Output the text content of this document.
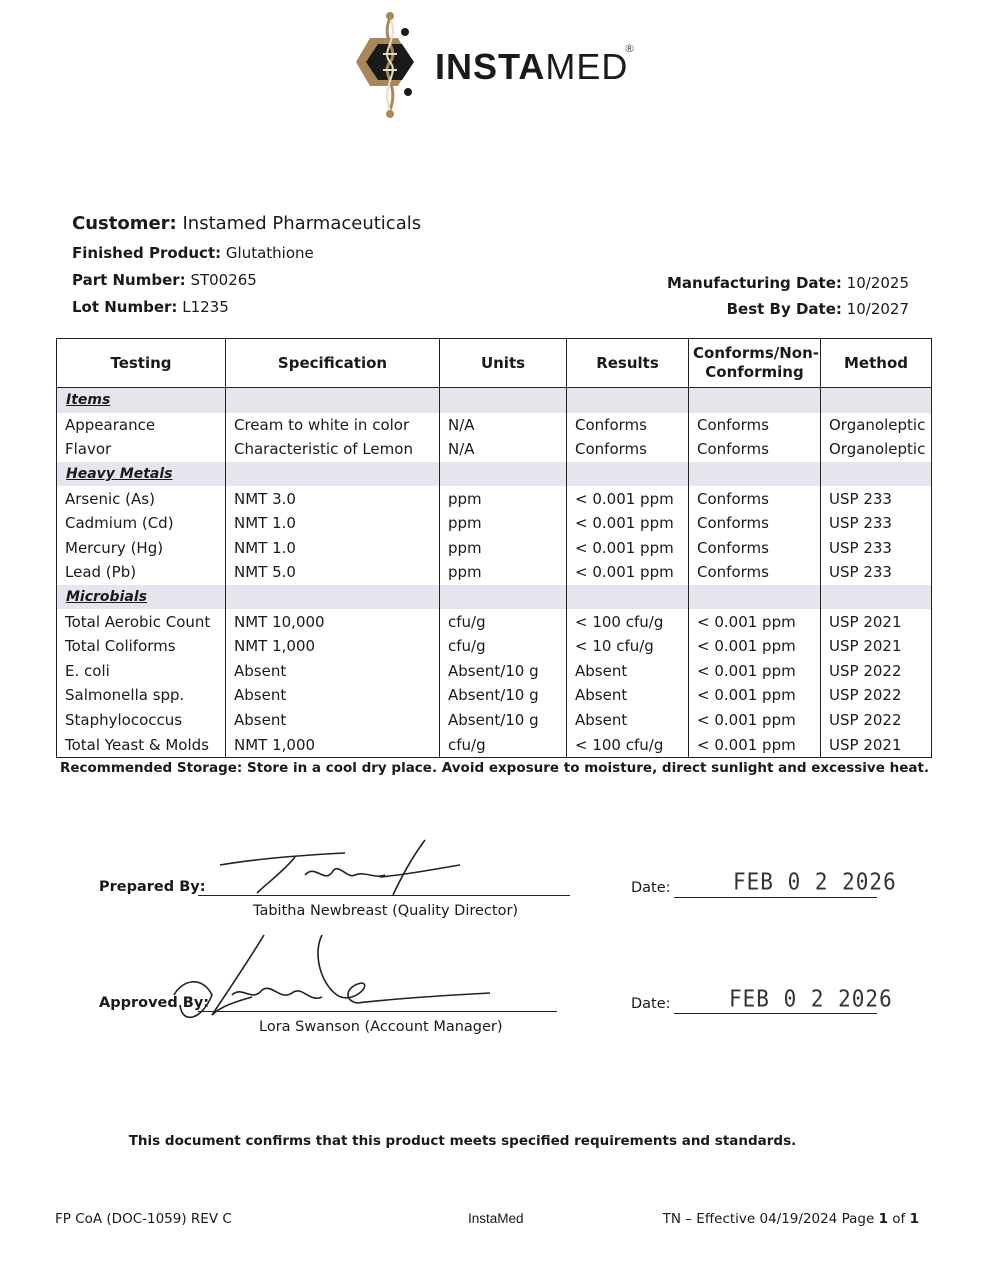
INSTAMED
®
Customer: Instamed Pharmaceuticals
Finished Product: Glutathione
Part Number: ST00265
Lot Number: L1235
Manufacturing Date: 10/2025
Best By Date: 10/2027
Testing	Specification	Units	Results	Conforms/Non-Conforming	Method
Items					
Appearance	Cream to white in color	N/A	Conforms	Conforms	Organoleptic
Flavor	Characteristic of Lemon	N/A	Conforms	Conforms	Organoleptic
Heavy Metals					
Arsenic (As)	NMT 3.0	ppm	< 0.001 ppm	Conforms	USP 233
Cadmium (Cd)	NMT 1.0	ppm	< 0.001 ppm	Conforms	USP 233
Mercury (Hg)	NMT 1.0	ppm	< 0.001 ppm	Conforms	USP 233
Lead (Pb)	NMT 5.0	ppm	< 0.001 ppm	Conforms	USP 233
Microbials					
Total Aerobic Count	NMT 10,000	cfu/g	< 100 cfu/g	< 0.001 ppm	USP 2021
Total Coliforms	NMT 1,000	cfu/g	< 10 cfu/g	< 0.001 ppm	USP 2021
E. coli	Absent	Absent/10 g	Absent	< 0.001 ppm	USP 2022
Salmonella spp.	Absent	Absent/10 g	Absent	< 0.001 ppm	USP 2022
Staphylococcus	Absent	Absent/10 g	Absent	< 0.001 ppm	USP 2022
Total Yeast & Molds	NMT 1,000	cfu/g	< 100 cfu/g	< 0.001 ppm	USP 2021
Recommended Storage: Store in a cool dry place. Avoid exposure to moisture, direct sunlight and excessive heat.
Prepared By:
Tabitha Newbreast (Quality Director)
Date:	FEB 0 2 2026
Approved By:
Lora Swanson (Account Manager)
Date:	FEB 0 2 2026
This document confirms that this product meets specified requirements and standards.
FP CoA (DOC-1059) REV C	InstaMed	TN – Effective 04/19/2024 Page 1 of 1
